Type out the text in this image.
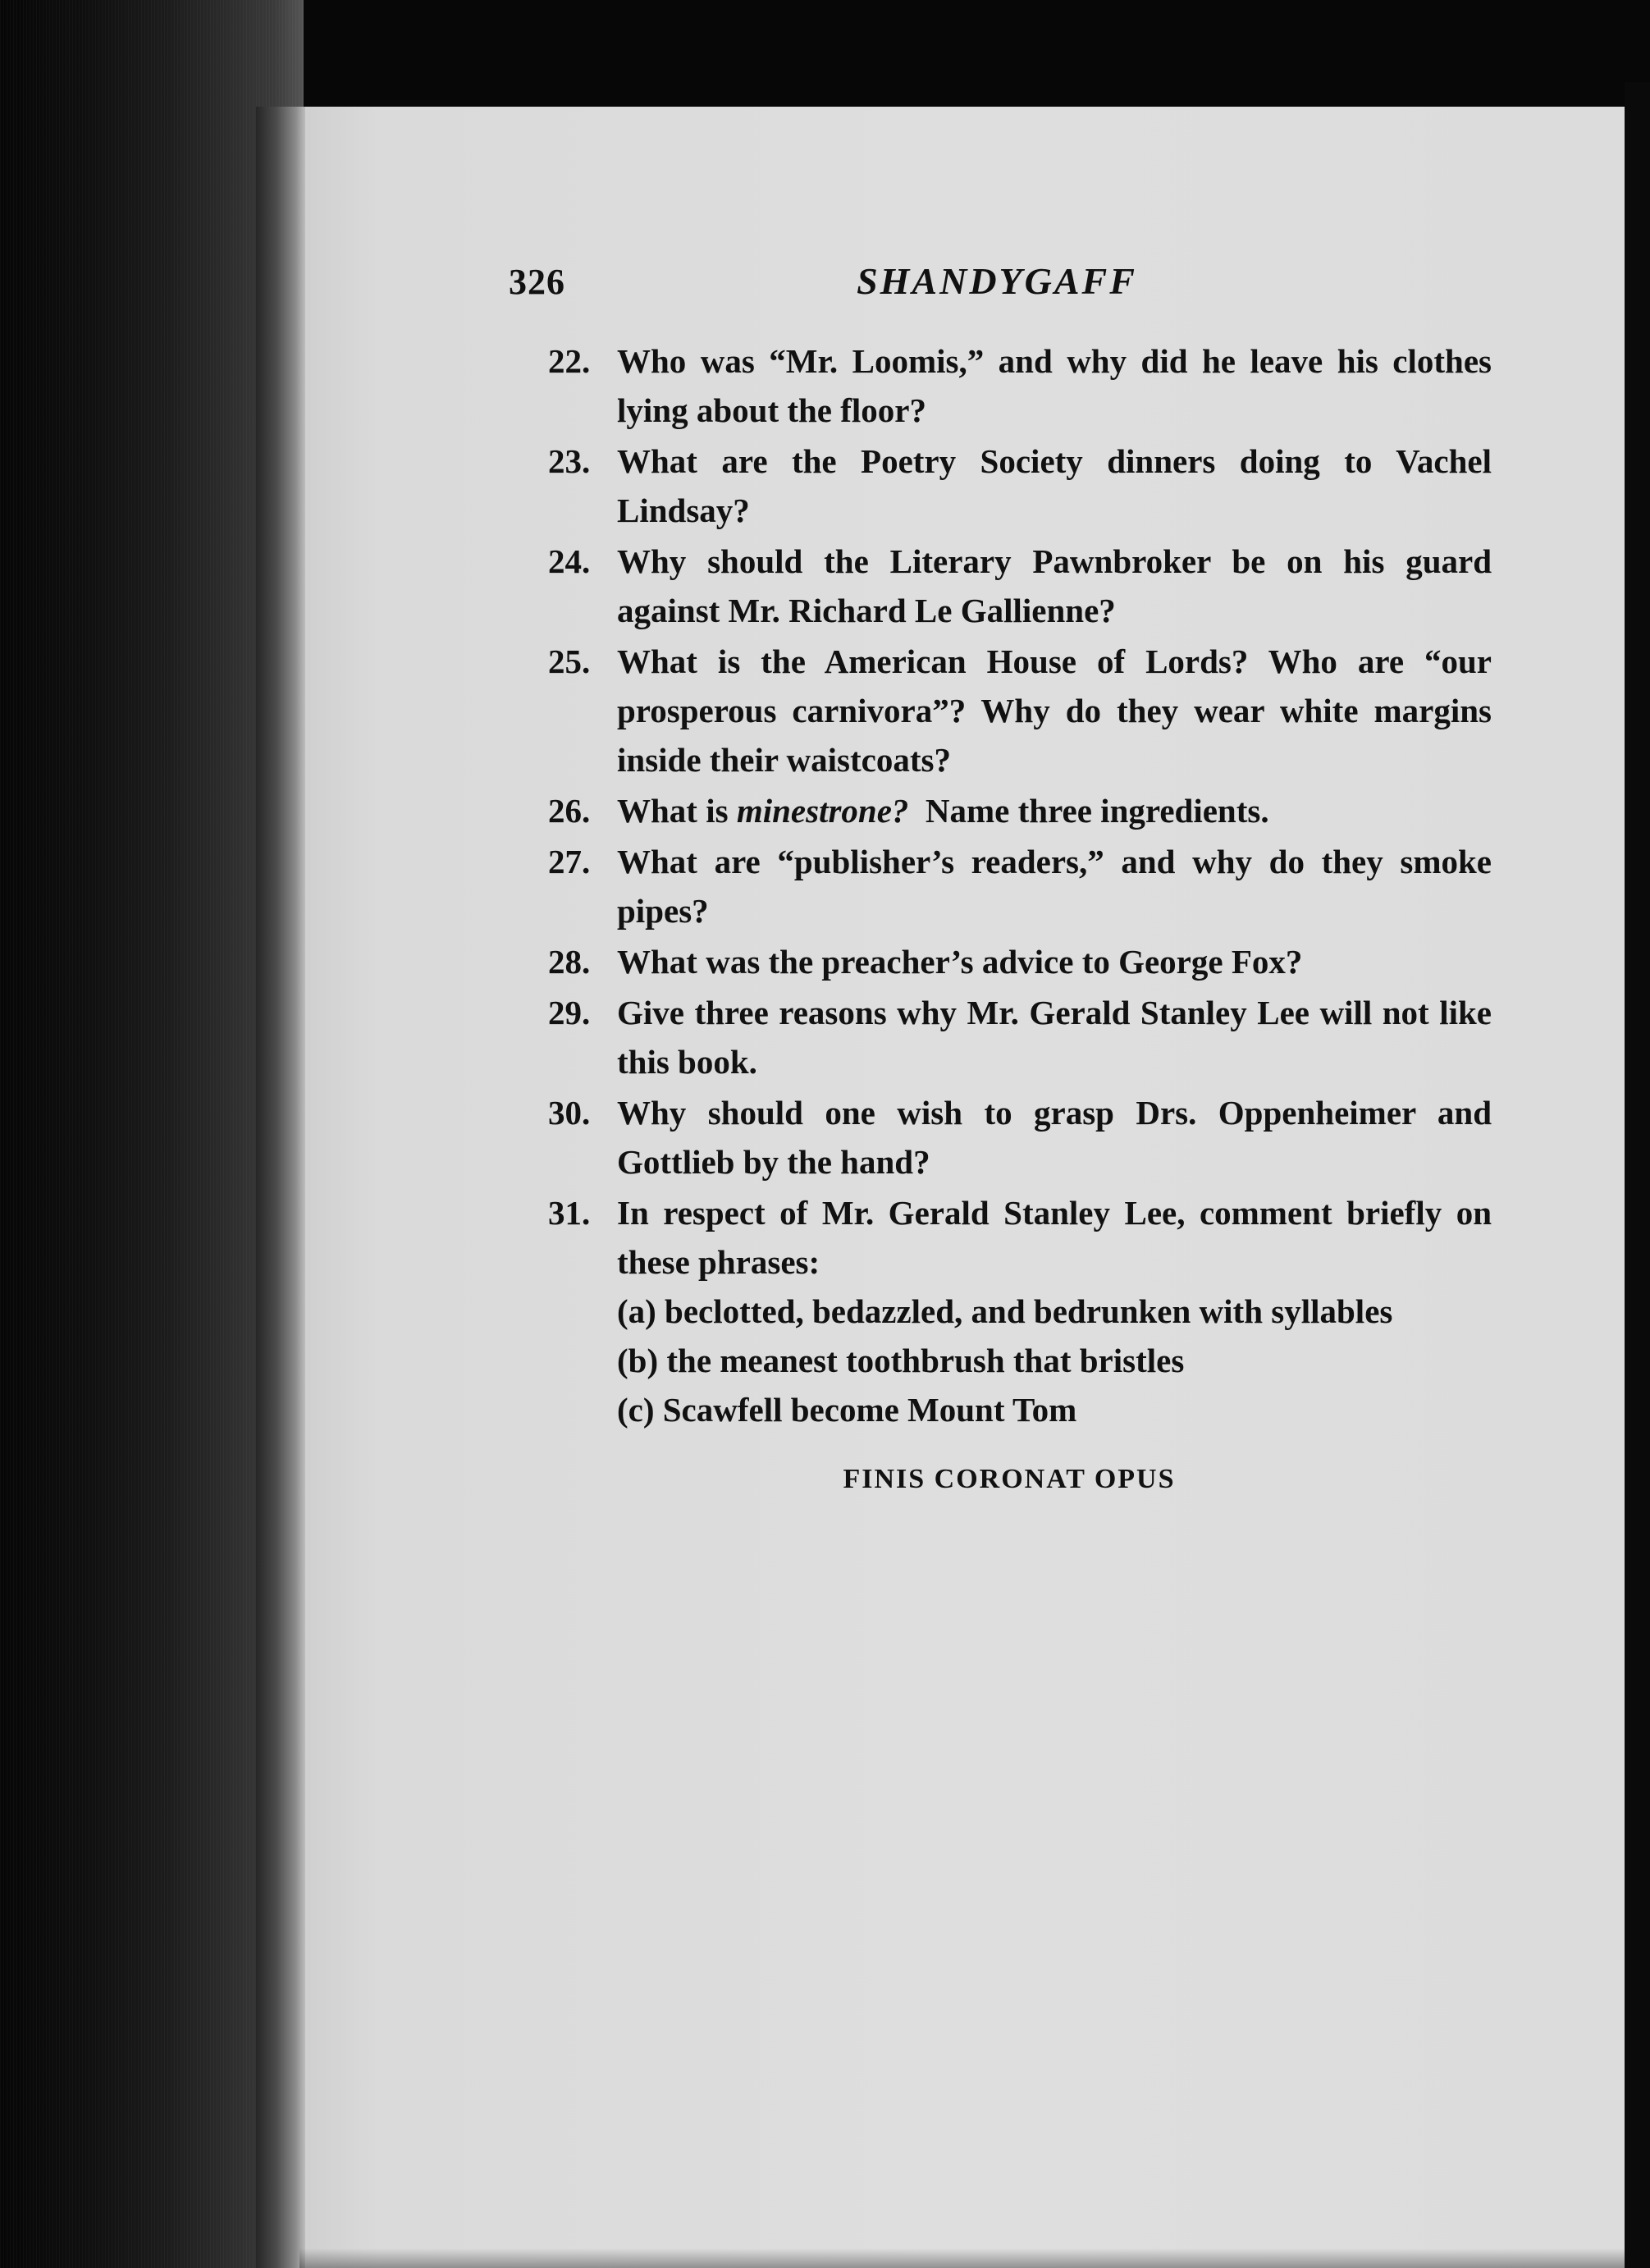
326	SHANDYGAFF
22. Who was “Mr. Loomis,” and why did he leave his clothes lying about the floor?
23. What are the Poetry Society dinners doing to Vachel Lindsay?
24. Why should the Literary Pawnbroker be on his guard against Mr. Richard Le Gallienne?
25. What is the American House of Lords? Who are “our prosperous carnivora”? Why do they wear white margins inside their waistcoats?
26. What is minestrone?  Name three ingredients.
27. What are “publisher’s readers,” and why do they smoke pipes?
28. What was the preacher’s advice to George Fox?
29. Give three reasons why Mr. Gerald Stanley Lee will not like this book.
30. Why should one wish to grasp Drs. Oppenheimer and Gottlieb by the hand?
31. In respect of Mr. Gerald Stanley Lee, comment briefly on these phrases:
(a) beclotted, bedazzled, and bedrunken with syllables
(b) the meanest toothbrush that bristles
(c) Scawfell become Mount Tom
FINIS CORONAT OPUS
